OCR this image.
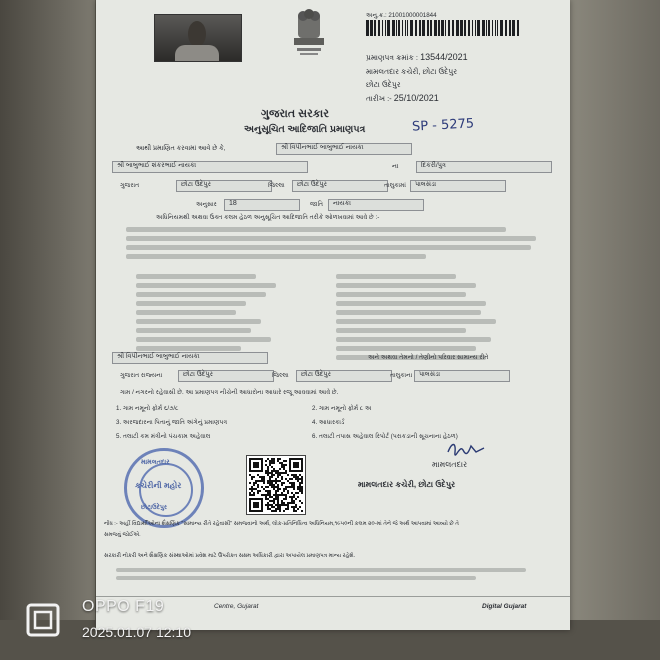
અનુ.ક્ર.: 21001000001844
પ્રમાણપત્ર ક્રમાંક : 13544/2021
મામલતદાર કચેરી, છોટા ઉદેપુર
છોટા ઉદેપુર
તારીખ :- 25/10/2021
ગુજરાત સરકાર
અનુસૂચિત આદિજાતિ પ્રમાણપત્ર	SP - 5275
આથી પ્રમાણિત કરવામાં આવે છે કે,	શ્રી વિપીનભાઈ બાબુભાઈ નાયકા
શ્રી બાબુભાઈ શંકરભાઈ નાયકા	ના	દિકરી/પુત્ર
ગુજરાત	છોટા ઉદેપુર	જિલ્લા	છોટા ઉદેપુર	તાલુકામાં	પાલસંડા
અનુસાર	18	જાતિ	નાયકા
અધિનિયમથી અથવા ઉક્ત કલમ હેઠળ અનુસૂચિત આદિજાતિ તરીકે ઓળખવામાં આવે છે :-
શ્રી વિપીનભાઈ બાબુભાઈ નાયકા	અને અથવા તેમનો / તેણીનો પરિવાર સામાન્ય રીતે
ગુજરાત રાજ્યના	છોટા ઉદેપુર	જિલ્લા	છોટા ઉદેપુર	તાલુકાના	પાલસંડા
ગામ / નગરનો રહેવાસી છે. આ પ્રમાણપત્ર નીચેની આધારોના આધારે રજૂ આવવામાં આવે છે.
1. ગામ નમૂનો ફોર્મ ૬/૭/૮	2. ગામ નમૂનો ફોર્મ ૮ અ
3. અરજદારના પિતાનું જાતિ અંગેનું પ્રમાણપત્ર	4. આધારકાર્ડ
5. તલાટી કમ મંત્રીનો પંચકામ અહેવાલ	6. તલાટી તપાસ અહેવાલ રિપોર્ટ (પરાકડાની સૂચનાના હેઠળ)
મામલતદાર
કચેરીની મહોર
છોટાઉદેપુર
મામલતદાર
મામલતદાર કચેરી, છોટા ઉદેપુર
નોંધ :- અહીં વિદ્યાર્થીઓના શૈક્ષણિક "સામાન્ય રીતે રહેવાસી" સમજવાનો અર્થ, લોક-પ્રતિનિધિત્વ અધિનિયમ,૧૯૫૦ની કલમ ૨૦-માં તેને જે અર્થ આપવામાં આવ્યો છે તે
સમજવું જોઈએ.
સરકારી નોકરી અને શૈક્ષણિક સંસ્થાઓમાં પ્રવેશ માટે ઉપરોક્ત સક્ષમ અધિકારી દ્વારા અપાયેલ પ્રમાણપત્ર માન્ય રહેશે.
Centre, Gujarat	Digital Gujarat
OPPO F19
2025.01.07 12:10
